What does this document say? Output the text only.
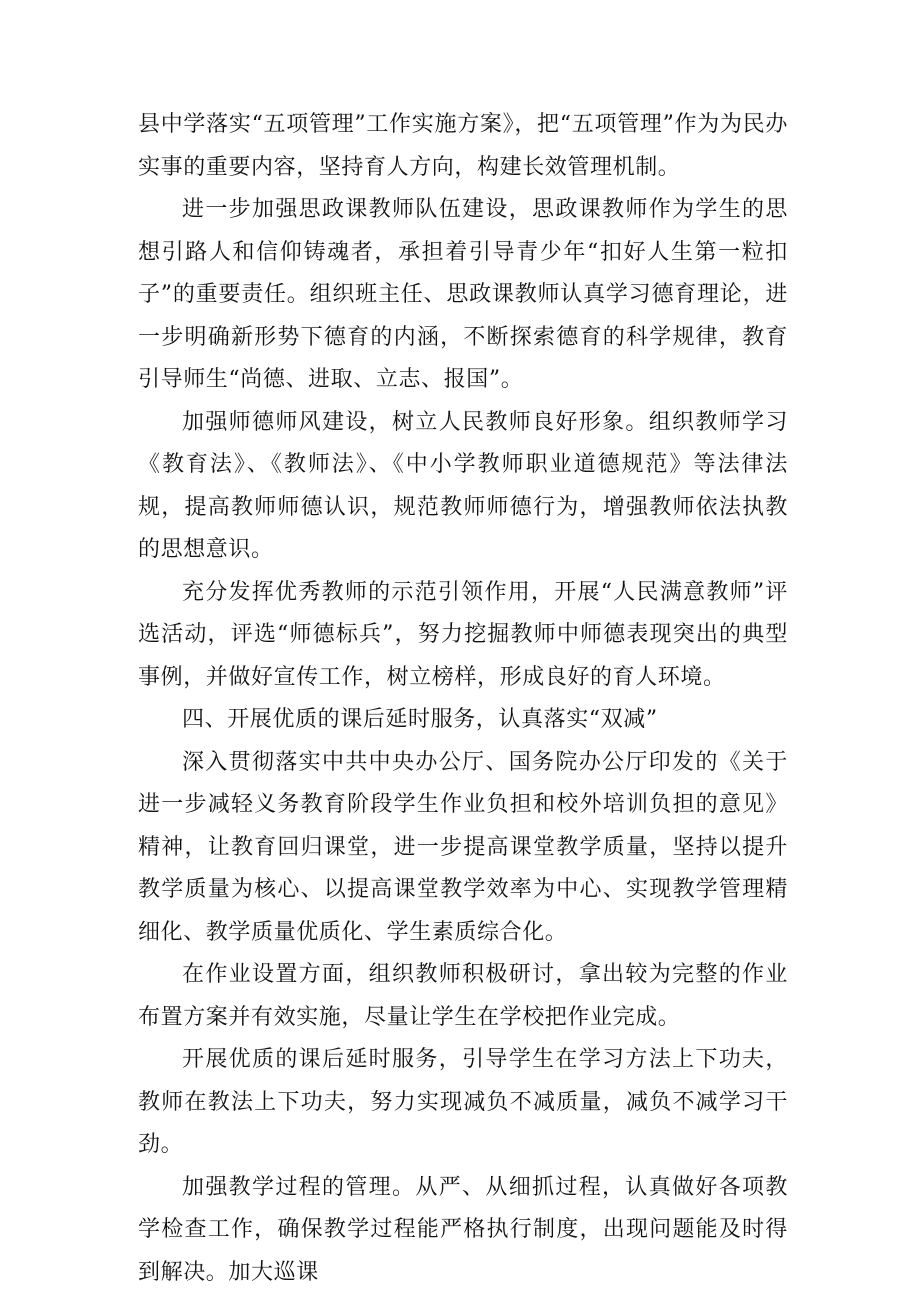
县中学落实“五项管理”工作实施方案》，把“五项管理”作为为民办实事的重要内容，坚持育人方向，构建长效管理机制。

进一步加强思政课教师队伍建设，思政课教师作为学生的思想引路人和信仰铸魂者，承担着引导青少年“扣好人生第一粒扣子”的重要责任。组织班主任、思政课教师认真学习德育理论，进一步明确新形势下德育的内涵，不断探索德育的科学规律，教育引导师生“尚德、进取、立志、报国”。

加强师德师风建设，树立人民教师良好形象。组织教师学习《教育法》、《教师法》、《中小学教师职业道德规范》等法律法规，提高教师师德认识，规范教师师德行为，增强教师依法执教的思想意识。

充分发挥优秀教师的示范引领作用，开展“人民满意教师”评选活动，评选“师德标兵”，努力挖掘教师中师德表现突出的典型事例，并做好宣传工作，树立榜样，形成良好的育人环境。

四、开展优质的课后延时服务，认真落实“双减”

深入贯彻落实中共中央办公厅、国务院办公厅印发的《关于进一步减轻义务教育阶段学生作业负担和校外培训负担的意见》精神，让教育回归课堂，进一步提高课堂教学质量，坚持以提升教学质量为核心、以提高课堂教学效率为中心、实现教学管理精细化、教学质量优质化、学生素质综合化。

在作业设置方面，组织教师积极研讨，拿出较为完整的作业布置方案并有效实施，尽量让学生在学校把作业完成。

开展优质的课后延时服务，引导学生在学习方法上下功夫，教师在教法上下功夫，努力实现减负不减质量，减负不减学习干劲。

加强教学过程的管理。从严、从细抓过程，认真做好各项教学检查工作，确保教学过程能严格执行制度，出现问题能及时得到解决。加大巡课
